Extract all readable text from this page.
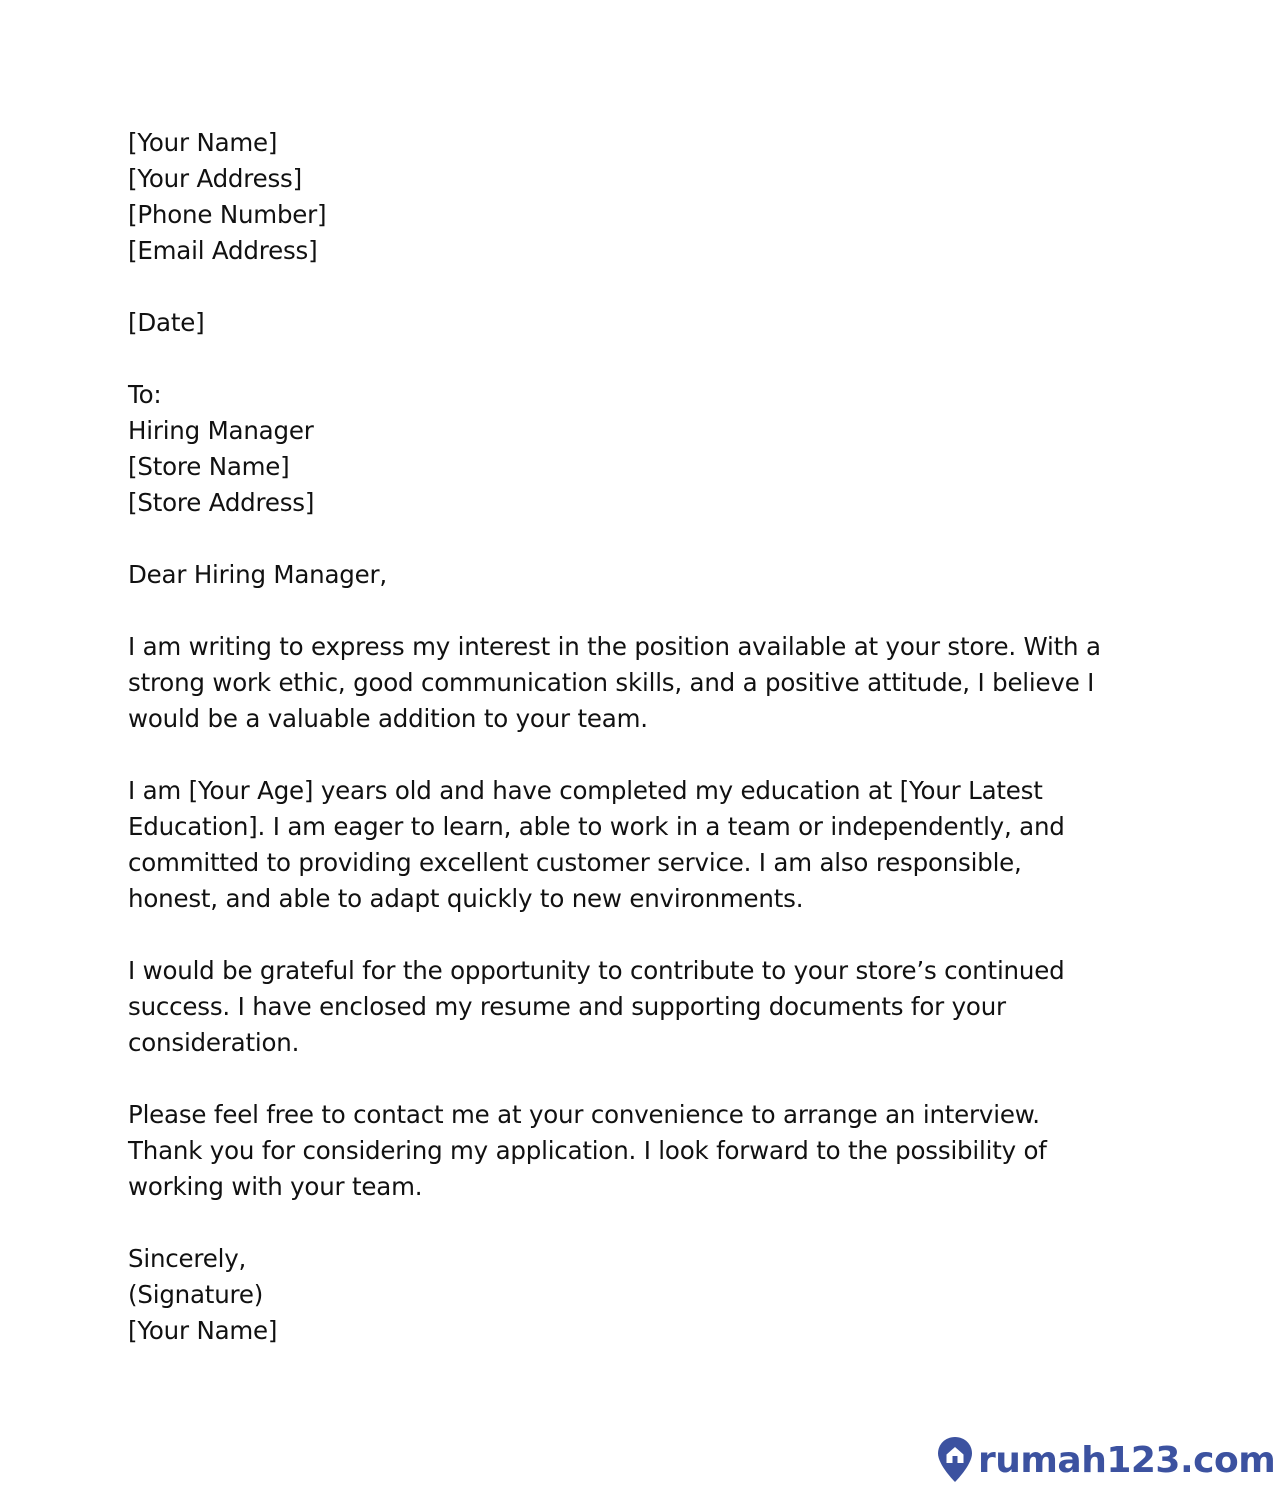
[Your Name]
[Your Address]
[Phone Number]
[Email Address]
[Date]
To:
Hiring Manager
[Store Name]
[Store Address]
Dear Hiring Manager,
I am writing to express my interest in the position available at your store. With a strong work ethic, good communication skills, and a positive attitude, I believe I would be a valuable addition to your team.
I am [Your Age] years old and have completed my education at [Your Latest Education]. I am eager to learn, able to work in a team or independently, and committed to providing excellent customer service. I am also responsible, honest, and able to adapt quickly to new environments.
I would be grateful for the opportunity to contribute to your store’s continued success. I have enclosed my resume and supporting documents for your consideration.
Please feel free to contact me at your convenience to arrange an interview. Thank you for considering my application. I look forward to the possibility of working with your team.
Sincerely,
(Signature)
[Your Name]
rumah123.com
